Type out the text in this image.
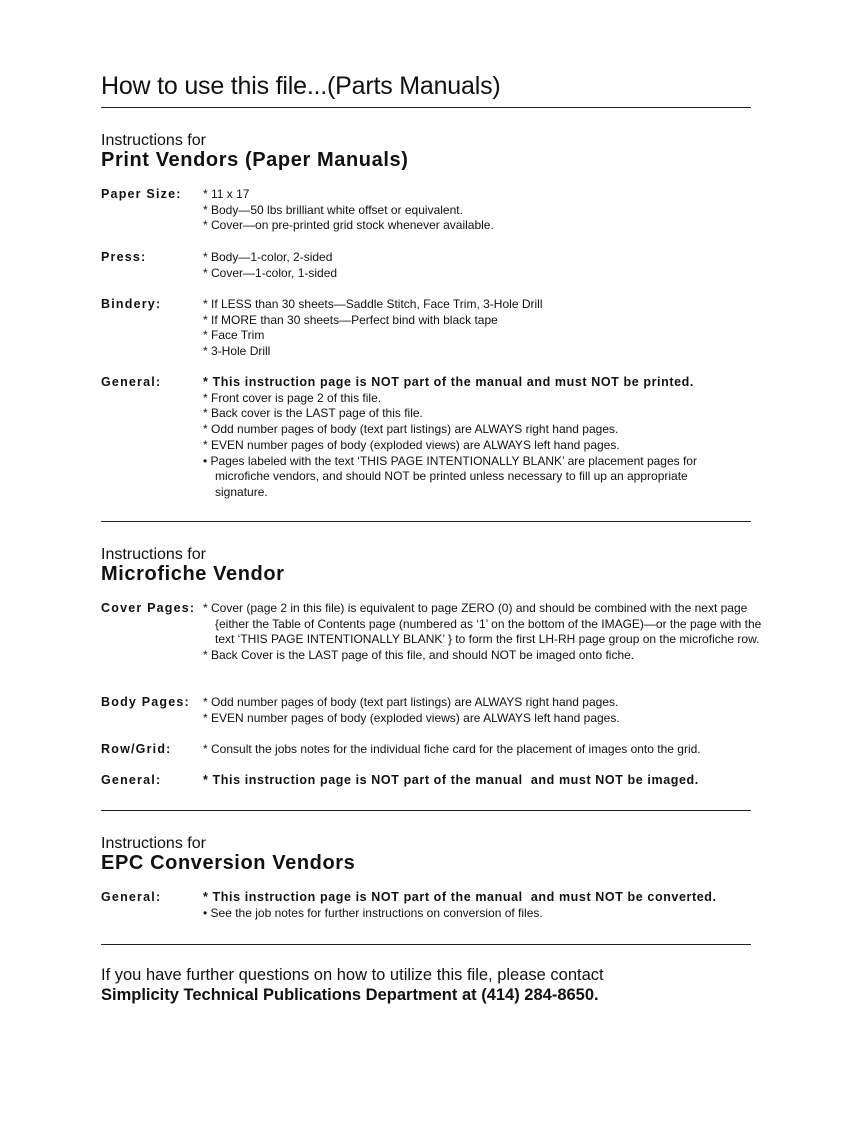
How to use this file...(Parts Manuals)
Instructions for
Print Vendors (Paper Manuals)
Paper Size: * 11 x 17
* Body—50 lbs brilliant white offset or equivalent.
* Cover—on pre-printed grid stock whenever available.
Press:	* Body—1-color, 2-sided
* Cover—1-color, 1-sided
Bindery:	* If LESS than 30 sheets—Saddle Stitch, Face Trim, 3-Hole Drill
* If MORE than 30 sheets—Perfect bind with black tape
* Face Trim
* 3-Hole Drill
General:	* This instruction page is NOT part of the manual and must NOT be printed.
* Front cover is page 2 of this file.
* Back cover is the LAST page of this file.
* Odd number pages of body (text part listings) are ALWAYS right hand pages.
* EVEN number pages of body (exploded views) are ALWAYS left hand pages.
• Pages labeled with the text ‘THIS PAGE INTENTIONALLY BLANK’ are placement pages for microfiche vendors, and should NOT be printed unless necessary to fill up an appropriate signature.
Instructions for
Microfiche Vendor
Cover Pages: * Cover (page 2 in this file) is equivalent to page ZERO (0) and should be combined with the next page {either the Table of Contents page (numbered as ‘1’ on the bottom of the IMAGE)—or the page with the text ‘THIS PAGE INTENTIONALLY BLANK’ } to form the first LH-RH page group on the microfiche row.
* Back Cover is the LAST page of this file, and should NOT be imaged onto fiche.
Body Pages: * Odd number pages of body (text part listings) are ALWAYS right hand pages.
* EVEN number pages of body (exploded views) are ALWAYS left hand pages.
Row/Grid:	* Consult the jobs notes for the individual fiche card for the placement of images onto the grid.
General:	* This instruction page is NOT part of the manual  and must NOT be imaged.
Instructions for
EPC Conversion Vendors
General:	* This instruction page is NOT part of the manual  and must NOT be converted.
• See the job notes for further instructions on conversion of files.
If you have further questions on how to utilize this file, please contact
Simplicity Technical Publications Department at (414) 284-8650.
